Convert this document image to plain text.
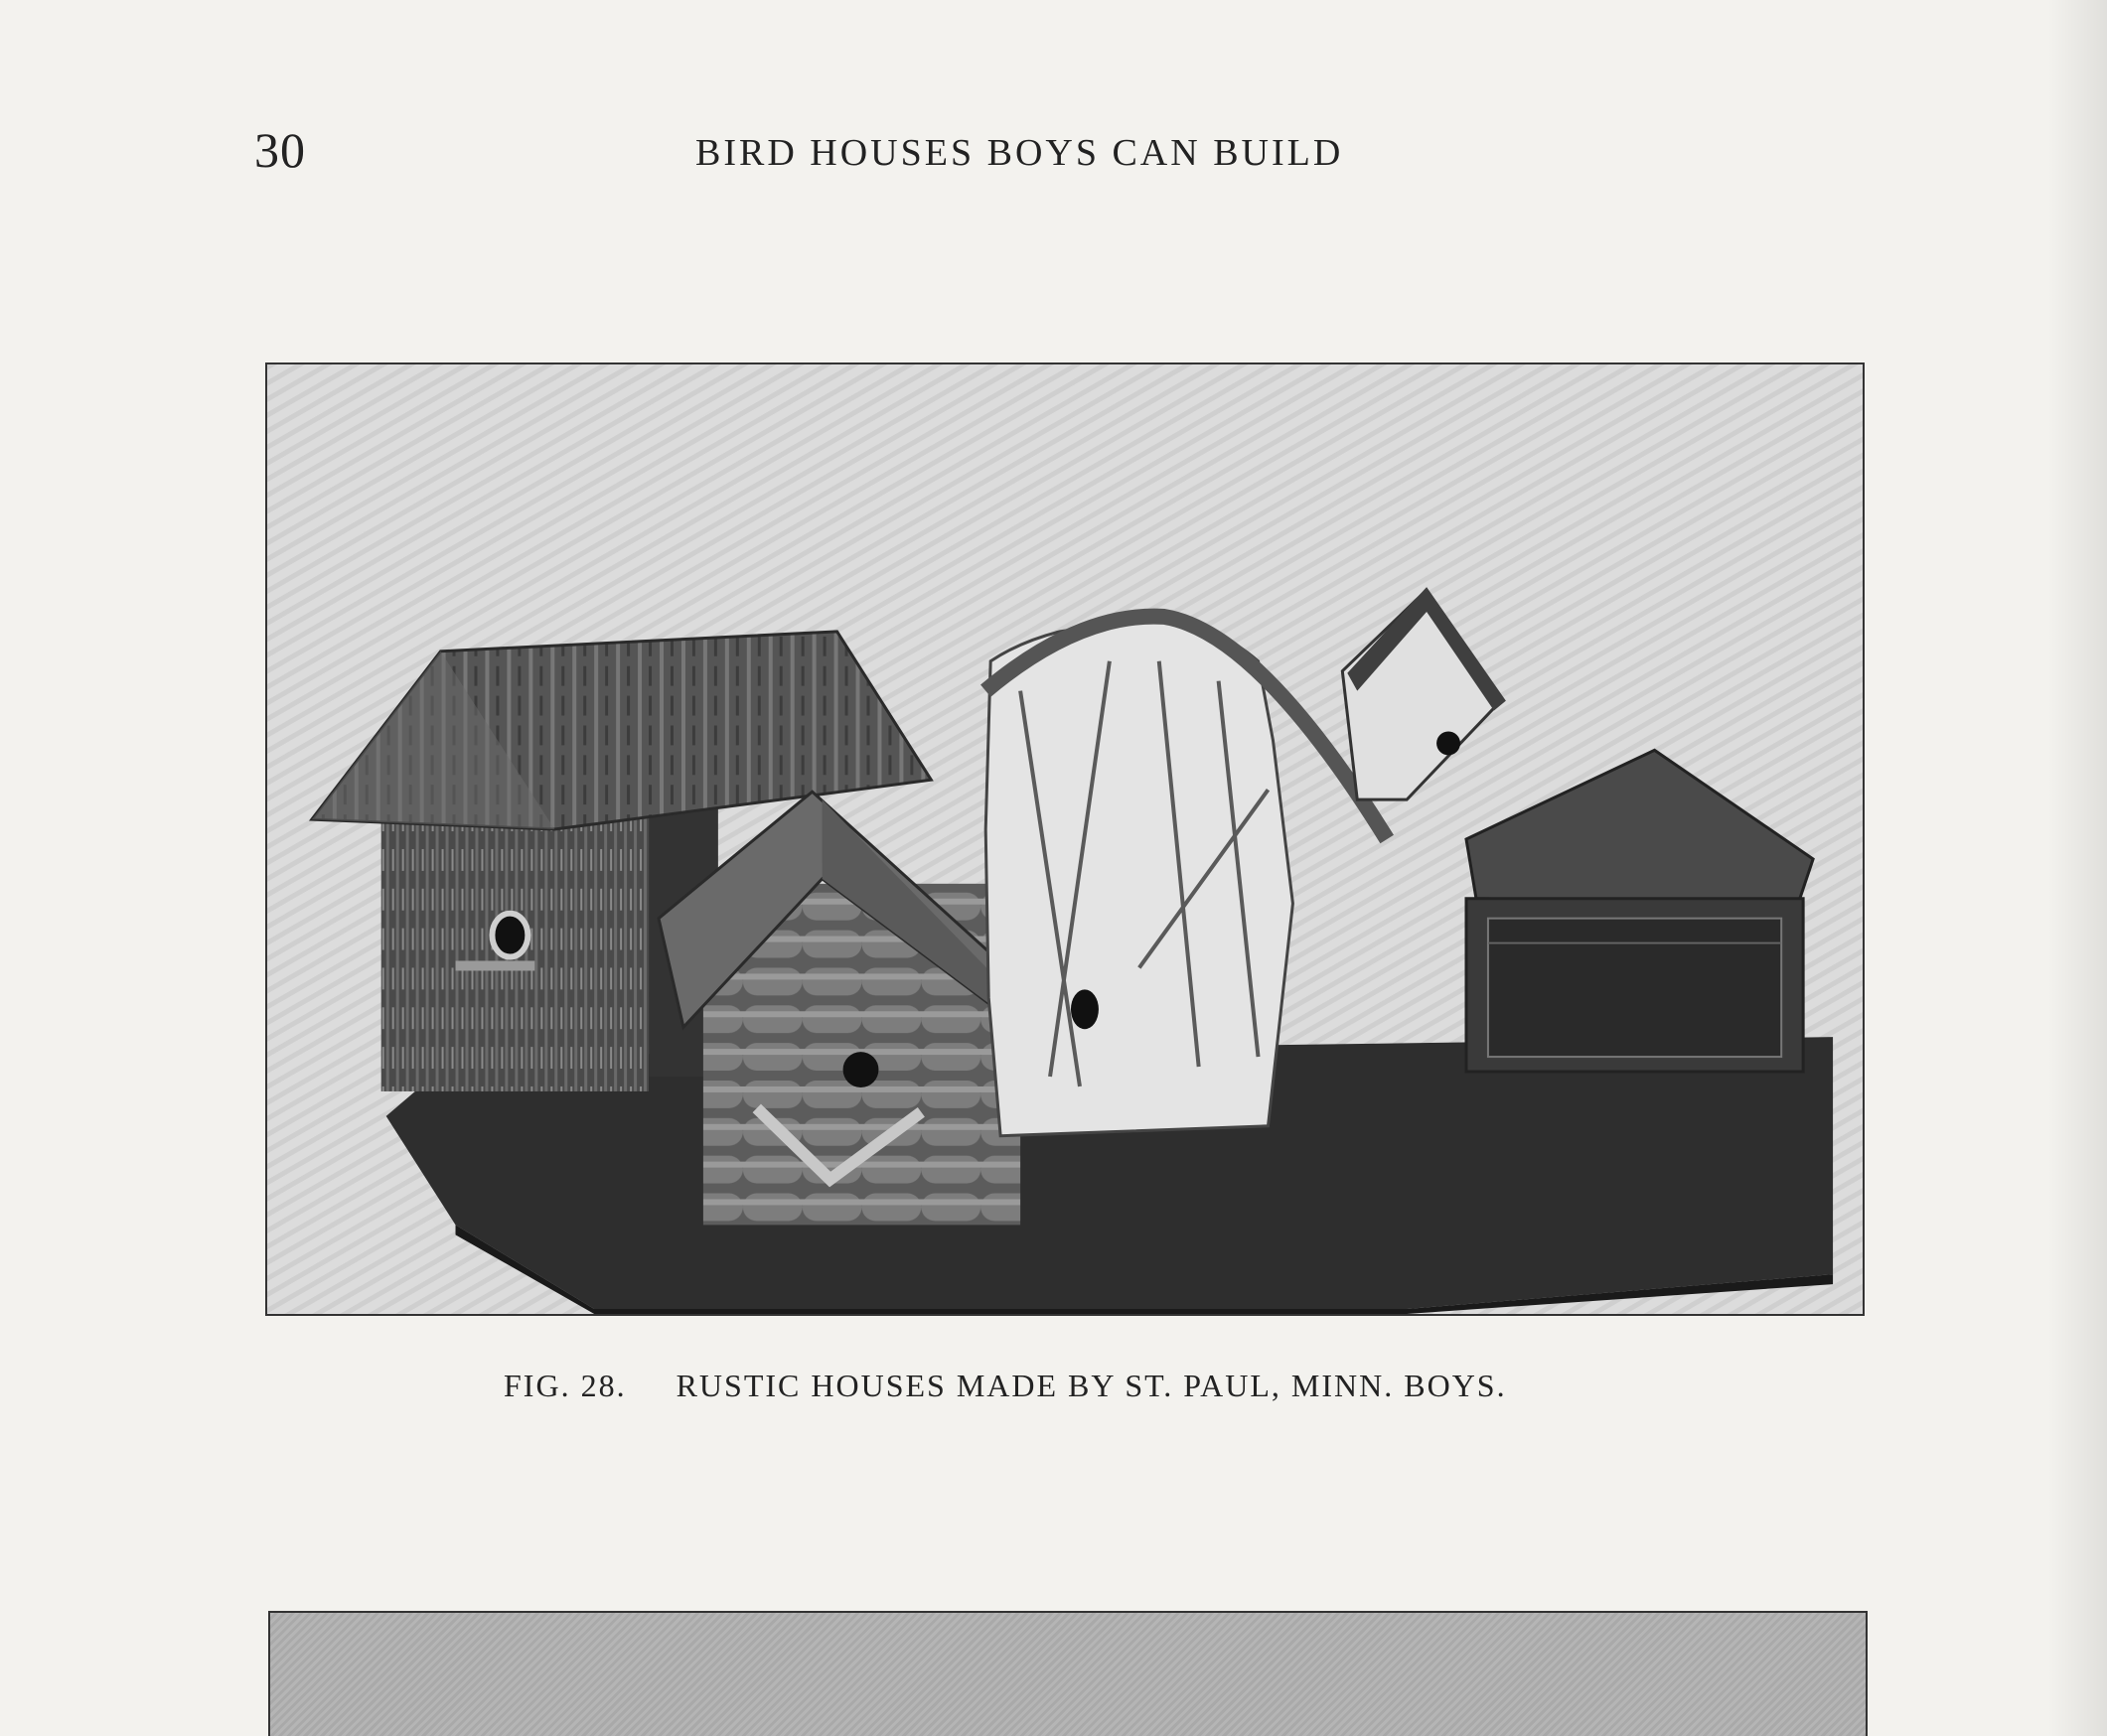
30	BIRD HOUSES BOYS CAN BUILD
FIG. 28. RUSTIC HOUSES MADE BY ST. PAUL, MINN. BOYS.
